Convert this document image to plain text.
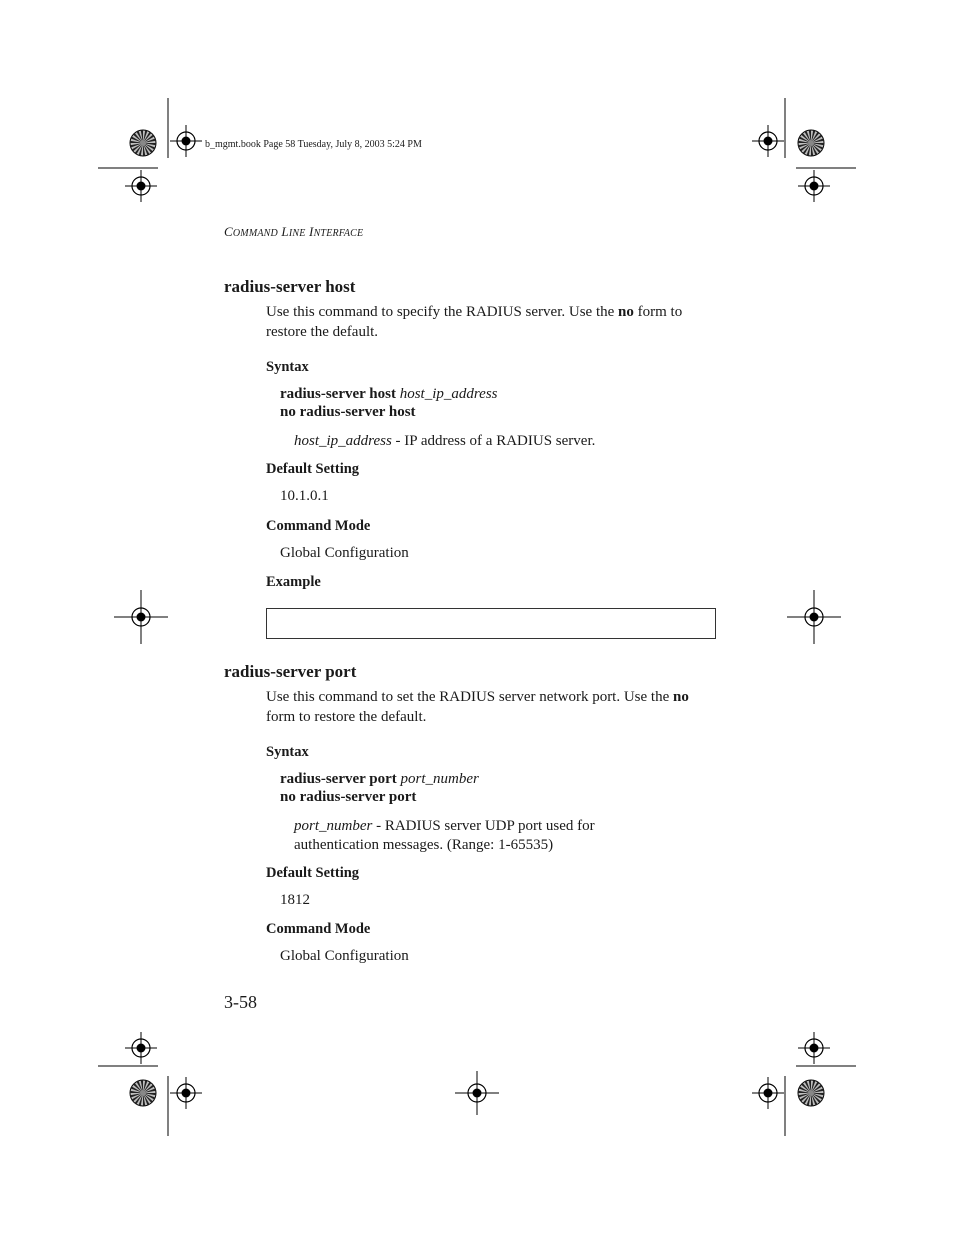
b_mgmt.book Page 58 Tuesday, July 8, 2003 5:24 PM
COMMAND LINE INTERFACE
radius-server host
Use this command to specify the RADIUS server. Use the no form to restore the default.
Syntax
radius-server host host_ip_address
no radius-server host
host_ip_address - IP address of a RADIUS server.
Default Setting
10.1.0.1
Command Mode
Global Configuration
Example
radius-server port
Use this command to set the RADIUS server network port. Use the no form to restore the default.
Syntax
radius-server port port_number
no radius-server port
port_number - RADIUS server UDP port used for authentication messages. (Range: 1-65535)
Default Setting
1812
Command Mode
Global Configuration
3-58
